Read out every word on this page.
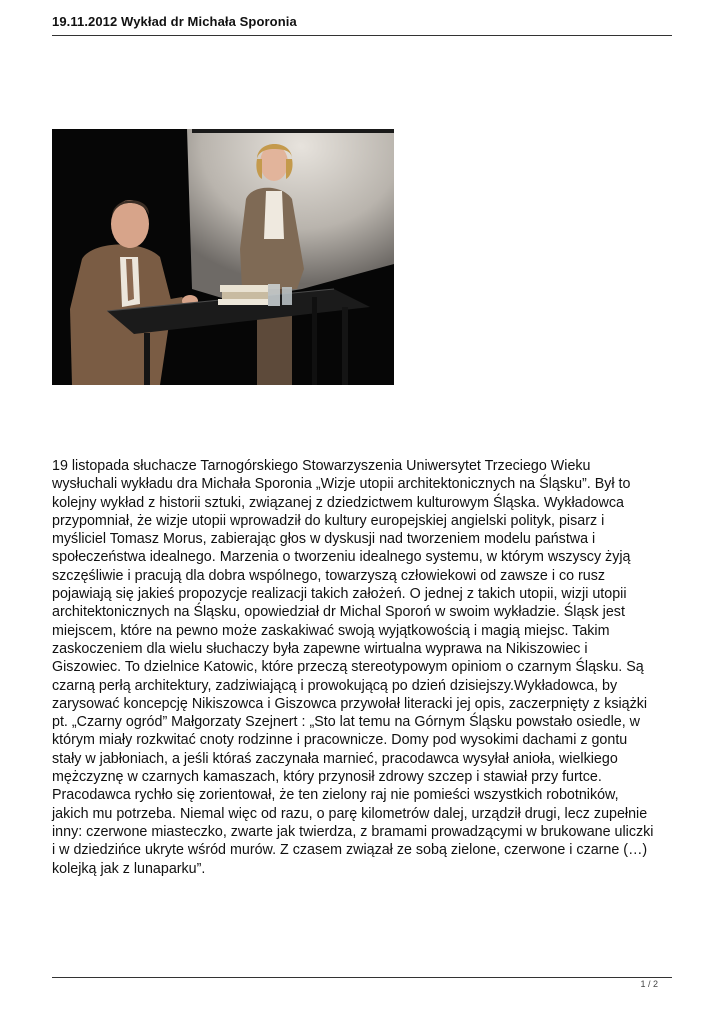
19.11.2012 Wykład dr Michała Sporonia

19 listopada słuchacze Tarnogórskiego Stowarzyszenia Uniwersytet Trzeciego Wieku
wysłuchali wykładu dra Michała Sporonia „Wizje utopii architektonicznych na Śląsku”. Był to
kolejny wykład z historii sztuki, związanej z dziedzictwem kulturowym Śląska. Wykładowca
przypomniał, że wizje utopii wprowadził do kultury europejskiej angielski polityk, pisarz i
myśliciel Tomasz Morus, zabierając głos w dyskusji nad tworzeniem modelu państwa i
społeczeństwa idealnego. Marzenia o tworzeniu idealnego systemu, w którym wszyscy żyją
szczęśliwie i pracują dla dobra wspólnego, towarzyszą człowiekowi od zawsze i co rusz
pojawiają się jakieś propozycje realizacji takich założeń. O jednej z takich utopii, wizji utopii
architektonicznych na Śląsku, opowiedział dr Michal Sporoń w swoim wykładzie. Śląsk jest
miejscem, które na pewno może zaskakiwać swoją wyjątkowością i magią miejsc. Takim
zaskoczeniem dla wielu słuchaczy była zapewne wirtualna wyprawa na Nikiszowiec i
Giszowiec. To dzielnice Katowic, które przeczą stereotypowym opiniom o czarnym Śląsku. Są
czarną perłą architektury, zadziwiającą i prowokującą po dzień dzisiejszy.Wykładowca, by
zarysować koncepcję Nikiszowca i Giszowca przywołał literacki jej opis, zaczerpnięty z książki
pt. „Czarny ogród” Małgorzaty Szejnert : „Sto lat temu na Górnym Śląsku powstało osiedle, w
którym miały rozkwitać cnoty rodzinne i pracownicze. Domy pod wysokimi dachami z gontu
stały w jabłoniach, a jeśli któraś zaczynała marnieć, pracodawca wysyłał anioła, wielkiego
mężczyznę w czarnych kamaszach, który przynosił zdrowy szczep i stawiał przy furtce.
Pracodawca rychło się zorientował, że ten zielony raj nie pomieści wszystkich robotników,
jakich mu potrzeba. Niemal więc od razu, o parę kilometrów dalej, urządził drugi, lecz zupełnie
inny: czerwone miasteczko, zwarte jak twierdza, z bramami prowadzącymi w brukowane uliczki
i w dziedzińce ukryte wśród murów. Z czasem związał ze sobą zielone, czerwone i czarne (…)
kolejką jak z lunaparku”.

1 / 2
